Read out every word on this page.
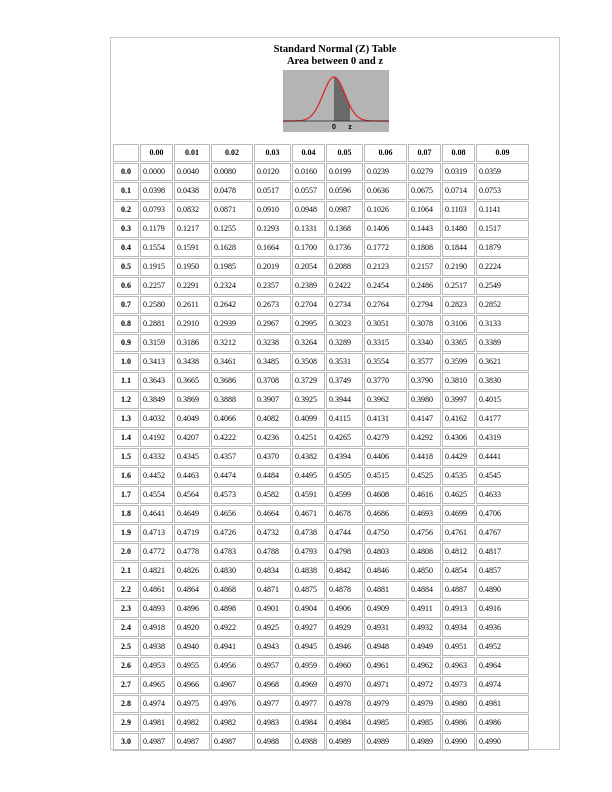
Standard Normal (Z) Table
Area between 0 and z
0 z
	0.00	0.01	0.02	0.03	0.04	0.05	0.06	0.07	0.08	0.09
0.0	0.0000	0.0040	0.0080	0.0120	0.0160	0.0199	0.0239	0.0279	0.0319	0.0359
0.1	0.0398	0.0438	0.0478	0.0517	0.0557	0.0596	0.0636	0.0675	0.0714	0.0753
0.2	0.0793	0.0832	0.0871	0.0910	0.0948	0.0987	0.1026	0.1064	0.1103	0.1141
0.3	0.1179	0.1217	0.1255	0.1293	0.1331	0.1368	0.1406	0.1443	0.1480	0.1517
0.4	0.1554	0.1591	0.1628	0.1664	0.1700	0.1736	0.1772	0.1808	0.1844	0.1879
0.5	0.1915	0.1950	0.1985	0.2019	0.2054	0.2088	0.2123	0.2157	0.2190	0.2224
0.6	0.2257	0.2291	0.2324	0.2357	0.2389	0.2422	0.2454	0.2486	0.2517	0.2549
0.7	0.2580	0.2611	0.2642	0.2673	0.2704	0.2734	0.2764	0.2794	0.2823	0.2852
0.8	0.2881	0.2910	0.2939	0.2967	0.2995	0.3023	0.3051	0.3078	0.3106	0.3133
0.9	0.3159	0.3186	0.3212	0.3238	0.3264	0.3289	0.3315	0.3340	0.3365	0.3389
1.0	0.3413	0.3438	0.3461	0.3485	0.3508	0.3531	0.3554	0.3577	0.3599	0.3621
1.1	0.3643	0.3665	0.3686	0.3708	0.3729	0.3749	0.3770	0.3790	0.3810	0.3830
1.2	0.3849	0.3869	0.3888	0.3907	0.3925	0.3944	0.3962	0.3980	0.3997	0.4015
1.3	0.4032	0.4049	0.4066	0.4082	0.4099	0.4115	0.4131	0.4147	0.4162	0.4177
1.4	0.4192	0.4207	0.4222	0.4236	0.4251	0.4265	0.4279	0.4292	0.4306	0.4319
1.5	0.4332	0.4345	0.4357	0.4370	0.4382	0.4394	0.4406	0.4418	0.4429	0.4441
1.6	0.4452	0.4463	0.4474	0.4484	0.4495	0.4505	0.4515	0.4525	0.4535	0.4545
1.7	0.4554	0.4564	0.4573	0.4582	0.4591	0.4599	0.4608	0.4616	0.4625	0.4633
1.8	0.4641	0.4649	0.4656	0.4664	0.4671	0.4678	0.4686	0.4693	0.4699	0.4706
1.9	0.4713	0.4719	0.4726	0.4732	0.4738	0.4744	0.4750	0.4756	0.4761	0.4767
2.0	0.4772	0.4778	0.4783	0.4788	0.4793	0.4798	0.4803	0.4808	0.4812	0.4817
2.1	0.4821	0.4826	0.4830	0.4834	0.4838	0.4842	0.4846	0.4850	0.4854	0.4857
2.2	0.4861	0.4864	0.4868	0.4871	0.4875	0.4878	0.4881	0.4884	0.4887	0.4890
2.3	0.4893	0.4896	0.4898	0.4901	0.4904	0.4906	0.4909	0.4911	0.4913	0.4916
2.4	0.4918	0.4920	0.4922	0.4925	0.4927	0.4929	0.4931	0.4932	0.4934	0.4936
2.5	0.4938	0.4940	0.4941	0.4943	0.4945	0.4946	0.4948	0.4949	0.4951	0.4952
2.6	0.4953	0.4955	0.4956	0.4957	0.4959	0.4960	0.4961	0.4962	0.4963	0.4964
2.7	0.4965	0.4966	0.4967	0.4968	0.4969	0.4970	0.4971	0.4972	0.4973	0.4974
2.8	0.4974	0.4975	0.4976	0.4977	0.4977	0.4978	0.4979	0.4979	0.4980	0.4981
2.9	0.4981	0.4982	0.4982	0.4983	0.4984	0.4984	0.4985	0.4985	0.4986	0.4986
3.0	0.4987	0.4987	0.4987	0.4988	0.4988	0.4989	0.4989	0.4989	0.4990	0.4990
